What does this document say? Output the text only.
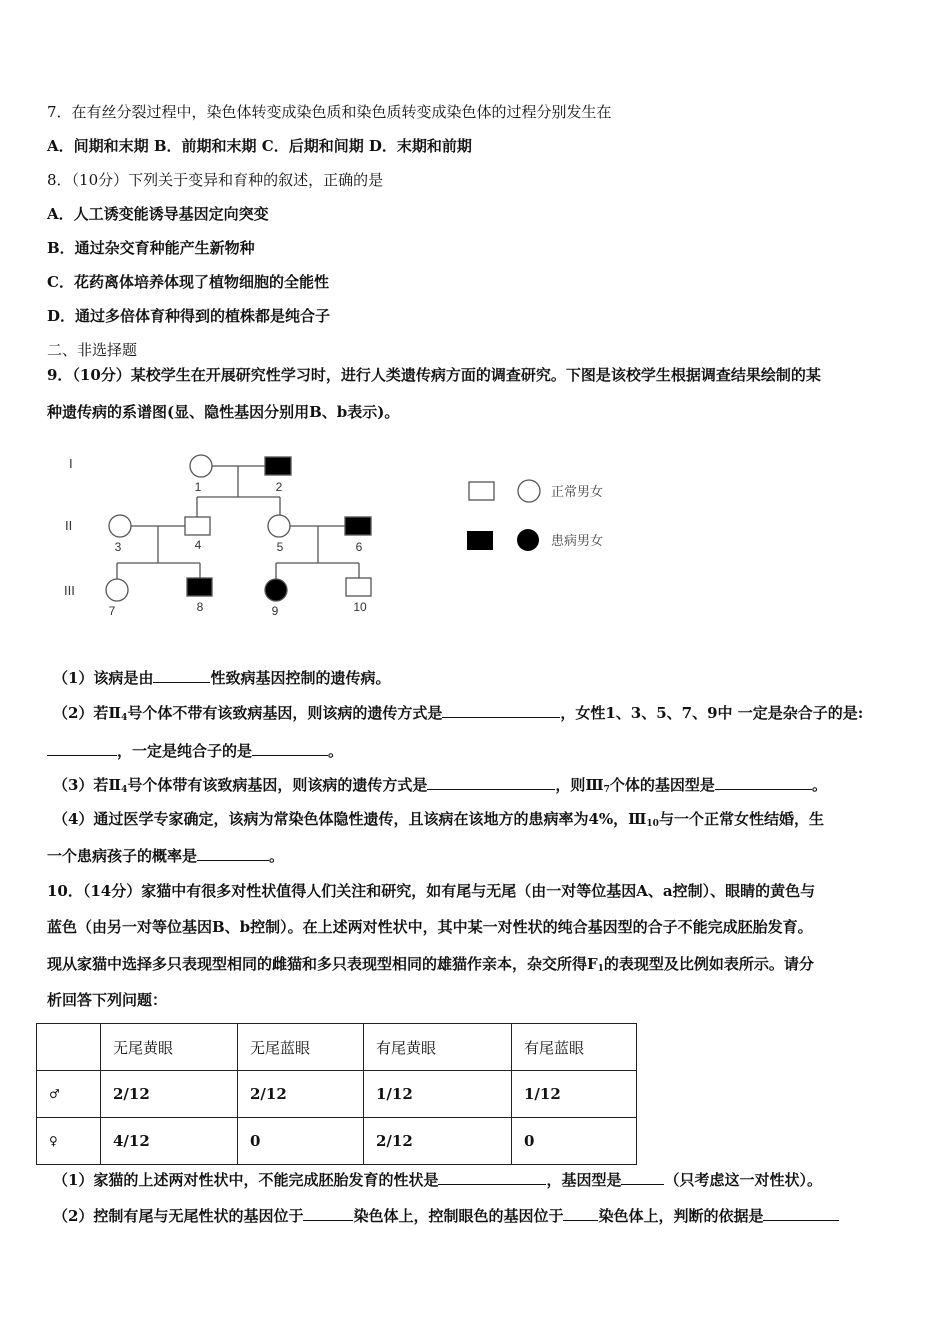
7．在有丝分裂过程中，染色体转变成染色质和染色质转变成染色体的过程分别发生在
A．间期和末期 B．前期和末期 C．后期和间期 D．末期和前期
8．（10分）下列关于变异和育种的叙述，正确的是
A．人工诱变能诱导基因定向突变
B．通过杂交育种能产生新物种
C．花药离体培养体现了植物细胞的全能性
D．通过多倍体育种得到的植株都是纯合子
二、非选择题
9．（10分）某校学生在开展研究性学习时，进行人类遗传病方面的调查研究。下图是该校学生根据调查结果绘制的某
种遗传病的系谱图(显、隐性基因分别用B、b表示)。
I
II
III
1	2
3	4	5	6
7	8	9	10
正常男女
患病男女
（1）该病是由	性致病基因控制的遗传病。
（2）若$Ⅱ_4$号个体不带有该致病基因，则该病的遗传方式是	，女性1、3、5、7、9中 一定是杂合子的是:
，一定是纯合子的是	。
（3）若$Ⅱ_4$号个体带有该致病基因，则该病的遗传方式是	，则$Ⅲ_7$个体的基因型是	。
（4）通过医学专家确定，该病为常染色体隐性遗传，且该病在该地方的患病率为4%，$Ⅲ_{10}$与一个正常女性结婚，生
一个患病孩子的概率是	。
10．（14分）家猫中有很多对性状值得人们关注和研究，如有尾与无尾（由一对等位基因A、a控制）、眼睛的黄色与
蓝色（由另一对等位基因B、b控制）。在上述两对性状中，其中某一对性状的纯合基因型的合子不能完成胚胎发育。
现从家猫中选择多只表现型相同的雌猫和多只表现型相同的雄猫作亲本，杂交所得$F_1$的表现型及比例如表所示。请分
析回答下列问题：
	无尾黄眼	无尾蓝眼	有尾黄眼	有尾蓝眼
♂	2/12	2/12	1/12	1/12
♀	4/12	0	2/12	0
（1）家猫的上述两对性状中，不能完成胚胎发育的性状是	，基因型是	（只考虑这一对性状）。
（2）控制有尾与无尾性状的基因位于	染色体上，控制眼色的基因位于 染色体上，判断的依据是
